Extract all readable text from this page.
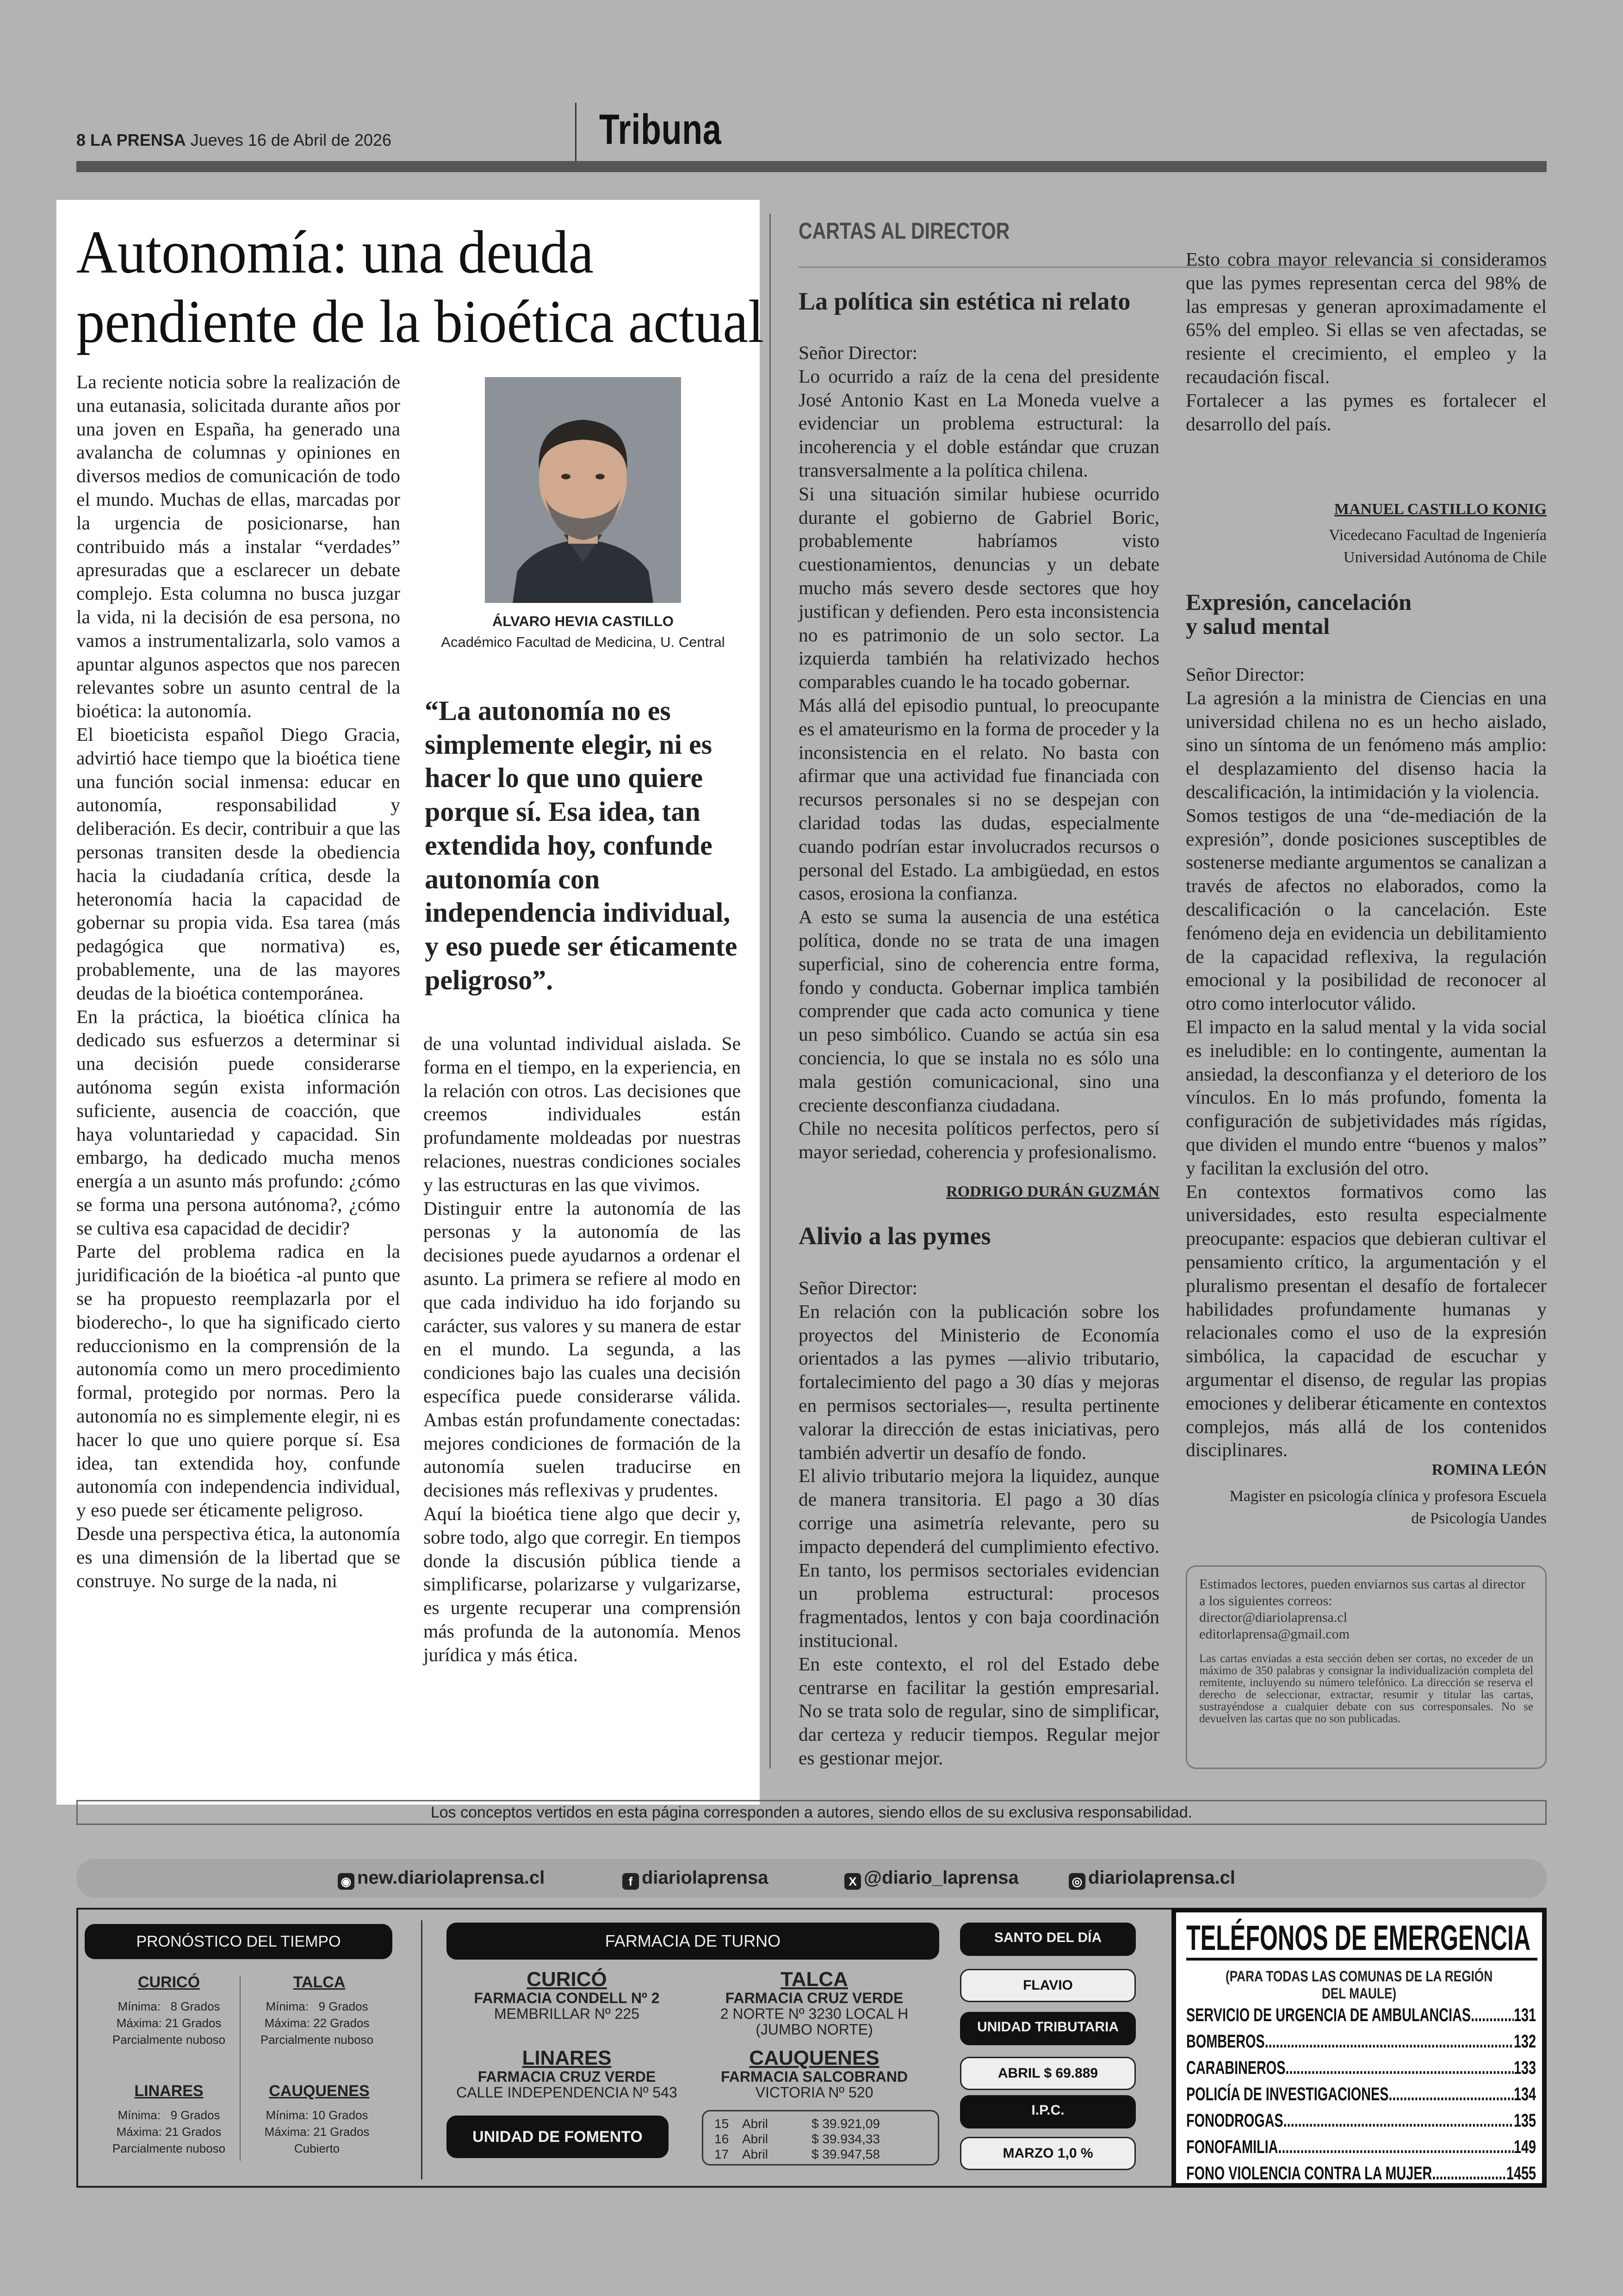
8 LA PRENSA Jueves 16 de Abril de 2026	Tribuna
Autonomía: una deuda
pendiente de la bioética actual

La reciente noticia sobre la realización de una eutanasia, solicitada durante años por una joven en España, ha generado una avalancha de columnas y opiniones en diversos medios de comunicación de todo el mundo. Muchas de ellas, marcadas por la urgencia de posicionarse, han contribuido más a instalar “verdades” apresuradas que a esclarecer un debate complejo. Esta columna no busca juzgar la vida, ni la decisión de esa persona, no vamos a instrumentalizarla, solo vamos a apuntar algunos aspectos que nos parecen relevantes sobre un asunto central de la bioética: la autonomía.

El bioeticista español Diego Gracia, advirtió hace tiempo que la bioética tiene una función social inmensa: educar en autonomía, responsabilidad y deliberación. Es decir, contribuir a que las personas transiten desde la obediencia hacia la ciudadanía crítica, desde la heteronomía hacia la capacidad de gobernar su propia vida. Esa tarea (más pedagógica que normativa) es, probablemente, una de las mayores deudas de la bioética contemporánea.

En la práctica, la bioética clínica ha dedicado sus esfuerzos a determinar si una decisión puede considerarse autónoma según exista información suficiente, ausencia de coacción, que haya voluntariedad y capacidad. Sin embargo, ha dedicado mucha menos energía a un asunto más profundo: ¿cómo se forma una persona autónoma?, ¿cómo se cultiva esa capacidad de decidir?

Parte del problema radica en la juridificación de la bioética -al punto que se ha propuesto reemplazarla por el bioderecho-, lo que ha significado cierto reduccionismo en la comprensión de la autonomía como un mero procedimiento formal, protegido por normas. Pero la autonomía no es simplemente elegir, ni es hacer lo que uno quiere porque sí. Esa idea, tan extendida hoy, confunde autonomía con independencia individual, y eso puede ser éticamente peligroso.

Desde una perspectiva ética, la autonomía es una dimensión de la libertad que se construye. No surge de la nada, ni

ÁLVARO HEVIA CASTILLO
Académico Facultad de Medicina, U. Central
“La autonomía no es simplemente elegir, ni es hacer lo que uno quiere porque sí. Esa idea, tan extendida hoy, confunde autonomía con independencia individual, y eso puede ser éticamente peligroso”.

de una voluntad individual aislada. Se forma en el tiempo, en la experiencia, en la relación con otros. Las decisiones que creemos individuales están profundamente moldeadas por nuestras relaciones, nuestras condiciones sociales y las estructuras en las que vivimos.

Distinguir entre la autonomía de las personas y la autonomía de las decisiones puede ayudarnos a ordenar el asunto. La primera se refiere al modo en que cada individuo ha ido forjando su carácter, sus valores y su manera de estar en el mundo. La segunda, a las condiciones bajo las cuales una decisión específica puede considerarse válida. Ambas están profundamente conectadas: mejores condiciones de formación de la autonomía suelen traducirse en decisiones más reflexivas y prudentes.

Aquí la bioética tiene algo que decir y, sobre todo, algo que corregir. En tiempos donde la discusión pública tiende a simplificarse, polarizarse y vulgarizarse, es urgente recuperar una comprensión más profunda de la autonomía. Menos jurídica y más ética.

CARTAS AL DIRECTOR
La política sin estética ni relato

Señor Director:

Lo ocurrido a raíz de la cena del presidente José Antonio Kast en La Moneda vuelve a evidenciar un problema estructural: la incoherencia y el doble estándar que cruzan transversalmente a la política chilena.

Si una situación similar hubiese ocurrido durante el gobierno de Gabriel Boric, probablemente habríamos visto cuestionamientos, denuncias y un debate mucho más severo desde sectores que hoy justifican y defienden. Pero esta inconsistencia no es patrimonio de un solo sector. La izquierda también ha relativizado hechos comparables cuando le ha tocado gobernar.

Más allá del episodio puntual, lo preocupante es el amateurismo en la forma de proceder y la inconsistencia en el relato. No basta con afirmar que una actividad fue financiada con recursos personales si no se despejan con claridad todas las dudas, especialmente cuando podrían estar involucrados recursos o personal del Estado. La ambigüedad, en estos casos, erosiona la confianza.

A esto se suma la ausencia de una estética política, donde no se trata de una imagen superficial, sino de coherencia entre forma, fondo y conducta. Gobernar implica también comprender que cada acto comunica y tiene un peso simbólico. Cuando se actúa sin esa conciencia, lo que se instala no es sólo una mala gestión comunicacional, sino una creciente desconfianza ciudadana.

Chile no necesita políticos perfectos, pero sí mayor seriedad, coherencia y profesionalismo.

RODRIGO DURÁN GUZMÁN
Alivio a las pymes

Señor Director:

En relación con la publicación sobre los proyectos del Ministerio de Economía orientados a las pymes —alivio tributario, fortalecimiento del pago a 30 días y mejoras en permisos sectoriales—, resulta pertinente valorar la dirección de estas iniciativas, pero también advertir un desafío de fondo.

El alivio tributario mejora la liquidez, aunque de manera transitoria. El pago a 30 días corrige una asimetría relevante, pero su impacto dependerá del cumplimiento efectivo. En tanto, los permisos sectoriales evidencian un problema estructural: procesos fragmentados, lentos y con baja coordinación institucional.

En este contexto, el rol del Estado debe centrarse en facilitar la gestión empresarial. No se trata solo de regular, sino de simplificar, dar certeza y reducir tiempos. Regular mejor es gestionar mejor.

Esto cobra mayor relevancia si consideramos que las pymes representan cerca del 98% de las empresas y generan aproximadamente el 65% del empleo. Si ellas se ven afectadas, se resiente el crecimiento, el empleo y la recaudación fiscal.

Fortalecer a las pymes es fortalecer el desarrollo del país.

MANUEL CASTILLO KONIG
Vicedecano Facultad de Ingeniería
Universidad Autónoma de Chile
Expresión, cancelación
y salud mental

Señor Director:

La agresión a la ministra de Ciencias en una universidad chilena no es un hecho aislado, sino un síntoma de un fenómeno más amplio: el desplazamiento del disenso hacia la descalificación, la intimidación y la violencia.

Somos testigos de una “de-mediación de la expresión”, donde posiciones susceptibles de sostenerse mediante argumentos se canalizan a través de afectos no elaborados, como la descalificación o la cancelación. Este fenómeno deja en evidencia un debilitamiento de la capacidad reflexiva, la regulación emocional y la posibilidad de reconocer al otro como interlocutor válido.

El impacto en la salud mental y la vida social es ineludible: en lo contingente, aumentan la ansiedad, la desconfianza y el deterioro de los vínculos. En lo más profundo, fomenta la configuración de subjetividades más rígidas, que dividen el mundo entre “buenos y malos” y facilitan la exclusión del otro.

En contextos formativos como las universidades, esto resulta especialmente preocupante: espacios que debieran cultivar el pensamiento crítico, la argumentación y el pluralismo presentan el desafío de fortalecer habilidades profundamente humanas y relacionales como el uso de la expresión simbólica, la capacidad de escuchar y argumentar el disenso, de regular las propias emociones y deliberar éticamente en contextos complejos, más allá de los contenidos disciplinares.

ROMINA LEÓN
Magister en psicología clínica y profesora Escuela
de Psicología Uandes
Estimados lectores, pueden enviarnos sus cartas al director a los siguientes correos:
director@diariolaprensa.cl
editorlaprensa@gmail.com
Las cartas enviadas a esta sección deben ser cortas, no exceder de un máximo de 350 palabras y consignar la individualización completa del remitente, incluyendo su número telefónico. La dirección se reserva el derecho de seleccionar, extractar, resumir y titular las cartas, sustrayéndose a cualquier debate con sus corresponsales. No se devuelven las cartas que no son publicadas.
Los conceptos vertidos en esta página corresponden a autores, siendo ellos de su exclusiva responsabilidad.
◉ new.diariolaprensa.cl	f diariolaprensa	X @diario_laprensa	◎ diariolaprensa.cl
PRONÓSTICO DEL TIEMPO
CURICÓ
Mínima:   8 Grados
Máxima: 21 Grados
Parcialmente nuboso
TALCA
Mínima:   9 Grados
Máxima: 22 Grados
Parcialmente nuboso
LINARES
Mínima:   9 Grados
Máxima: 21 Grados
Parcialmente nuboso
CAUQUENES
Mínima: 10 Grados
Máxima: 21 Grados
Cubierto
FARMACIA DE TURNO
CURICÓ
FARMACIA CONDELL Nº 2
MEMBRILLAR Nº 225
TALCA
FARMACIA CRUZ VERDE
2 NORTE Nº 3230 LOCAL H
(JUMBO NORTE)
LINARES
FARMACIA CRUZ VERDE
CALLE INDEPENDENCIA Nº 543
CAUQUENES
FARMACIA SALCOBRAND
VICTORIA Nº 520
UNIDAD DE FOMENTO
15	Abril	$ 39.921,09
16	Abril	$ 39.934,33
17	Abril	$ 39.947,58
SANTO DEL DÍA
FLAVIO
UNIDAD TRIBUTARIA
ABRIL $ 69.889
I.P.C.
MARZO 1,0 %
TELÉFONOS DE EMERGENCIA
(PARA TODAS LAS COMUNAS DE LA REGIÓN DEL MAULE)
SERVICIO DE URGENCIA DE AMBULANCIAS ..... 131
BOMBEROS .....	132
CARABINEROS .....	133
POLICÍA DE INVESTIGACIONES .....	134
FONODROGAS .....	135
FONOFAMILIA .....	149
FONO VIOLENCIA CONTRA LA MUJER .....	1455
